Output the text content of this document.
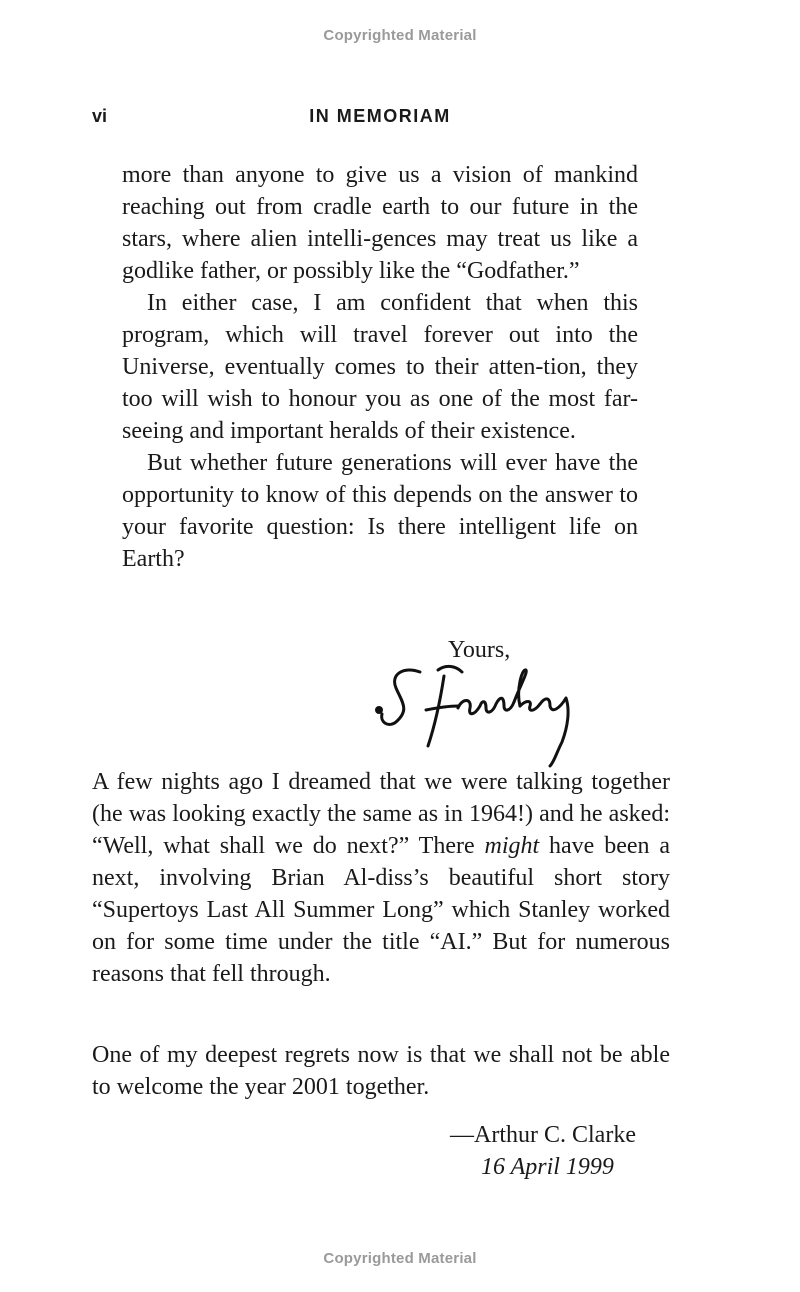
Copyrighted Material
vi	IN MEMORIAM

more than anyone to give us a vision of mankind reaching out from cradle earth to our future in the stars, where alien intelli-gences may treat us like a godlike father, or possibly like the “Godfather.”

In either case, I am confident that when this program, which will travel forever out into the Universe, eventually comes to their atten-tion, they too will wish to honour you as one of the most far-seeing and important heralds of their existence.

But whether future generations will ever have the opportunity to know of this depends on the answer to your favorite question: Is there intelligent life on Earth?

Yours,

A few nights ago I dreamed that we were talking together (he was looking exactly the same as in 1964!) and he asked: “Well, what shall we do next?” There might have been a next, involving Brian Al-diss’s beautiful short story “Supertoys Last All Summer Long” which Stanley worked on for some time under the title “AI.” But for numerous reasons that fell through.

One of my deepest regrets now is that we shall not be able to welcome the year 2001 together.

—Arthur C. Clarke
16 April 1999
Copyrighted Material
